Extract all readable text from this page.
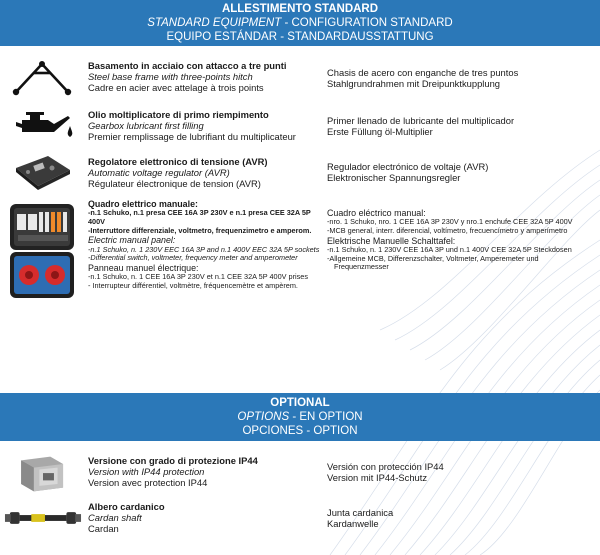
ALLESTIMENTO STANDARD
STANDARD EQUIPMENT - CONFIGURATION STANDARD
EQUIPO ESTÁNDAR - STANDARDAUSSTATTUNG
Basamento in acciaio con attacco a tre punti
Steel base frame with three-points hitch
Cadre en acier avec attelage à trois points
Chasis de acero con enganche de tres puntos
Stahlgrundrahmen mit Dreipunktkupplung
Olio moltiplicatore di primo riempimento
Gearbox lubricant first filling
Premier remplissage de lubrifiant du multiplicateur
Primer llenado de lubricante del multiplicador
Erste Füllung öl-Multiplier
Regolatore elettronico di tensione (AVR)
Automatic voltage regulator (AVR)
Régulateur électronique de tension (AVR)
Regulador electrónico de voltaje (AVR)
Elektronischer Spannungsregler
Quadro elettrico manuale:
-n.1 Schuko, n.1 presa CEE 16A 3P 230V e n.1 presa CEE 32A 5P 400V
-Interruttore differenziale, voltmetro, frequenzimetro e amperom.
Electric manual panel:
-n.1 Schuko, n. 1 230V EEC 16A 3P and n.1 400V EEC 32A 5P sockets
-Differential switch, voltmeter, frequency meter and amperometer
Panneau manuel électrique:
-n.1 Schuko, n. 1 CEE 16A 3P 230V et n.1 CEE 32A 5P 400V prises
- Interrupteur différentiel, voltmètre, fréquencemètre et ampèrem.
Cuadro eléctrico manual:
-nro. 1 Schuko, nro. 1 CEE 16A 3P 230V y nro.1 enchufe CEE 32A 5P 400V
-MCB general, interr. diferencial, voltímetro, frecuencímetro y amperímetro
Elektrische Manuelle Schalttafel:
-n.1 Schuko, n. 1 230V CEE 16A 3P und n.1 400V CEE 32A 5P Steckdosen
-Allgemeine MCB, Differenzschalter, Voltmeter, Amperemeter und
Frequenzmesser
OPTIONAL
OPTIONS - EN OPTION
OPCIONES - OPTION
Versione con grado di protezione IP44
Version with IP44 protection
Version avec protection IP44
Versión con protección IP44
Version mit IP44-Schutz
Albero cardanico
Cardan shaft
Cardan
Junta cardanica
Kardanwelle
